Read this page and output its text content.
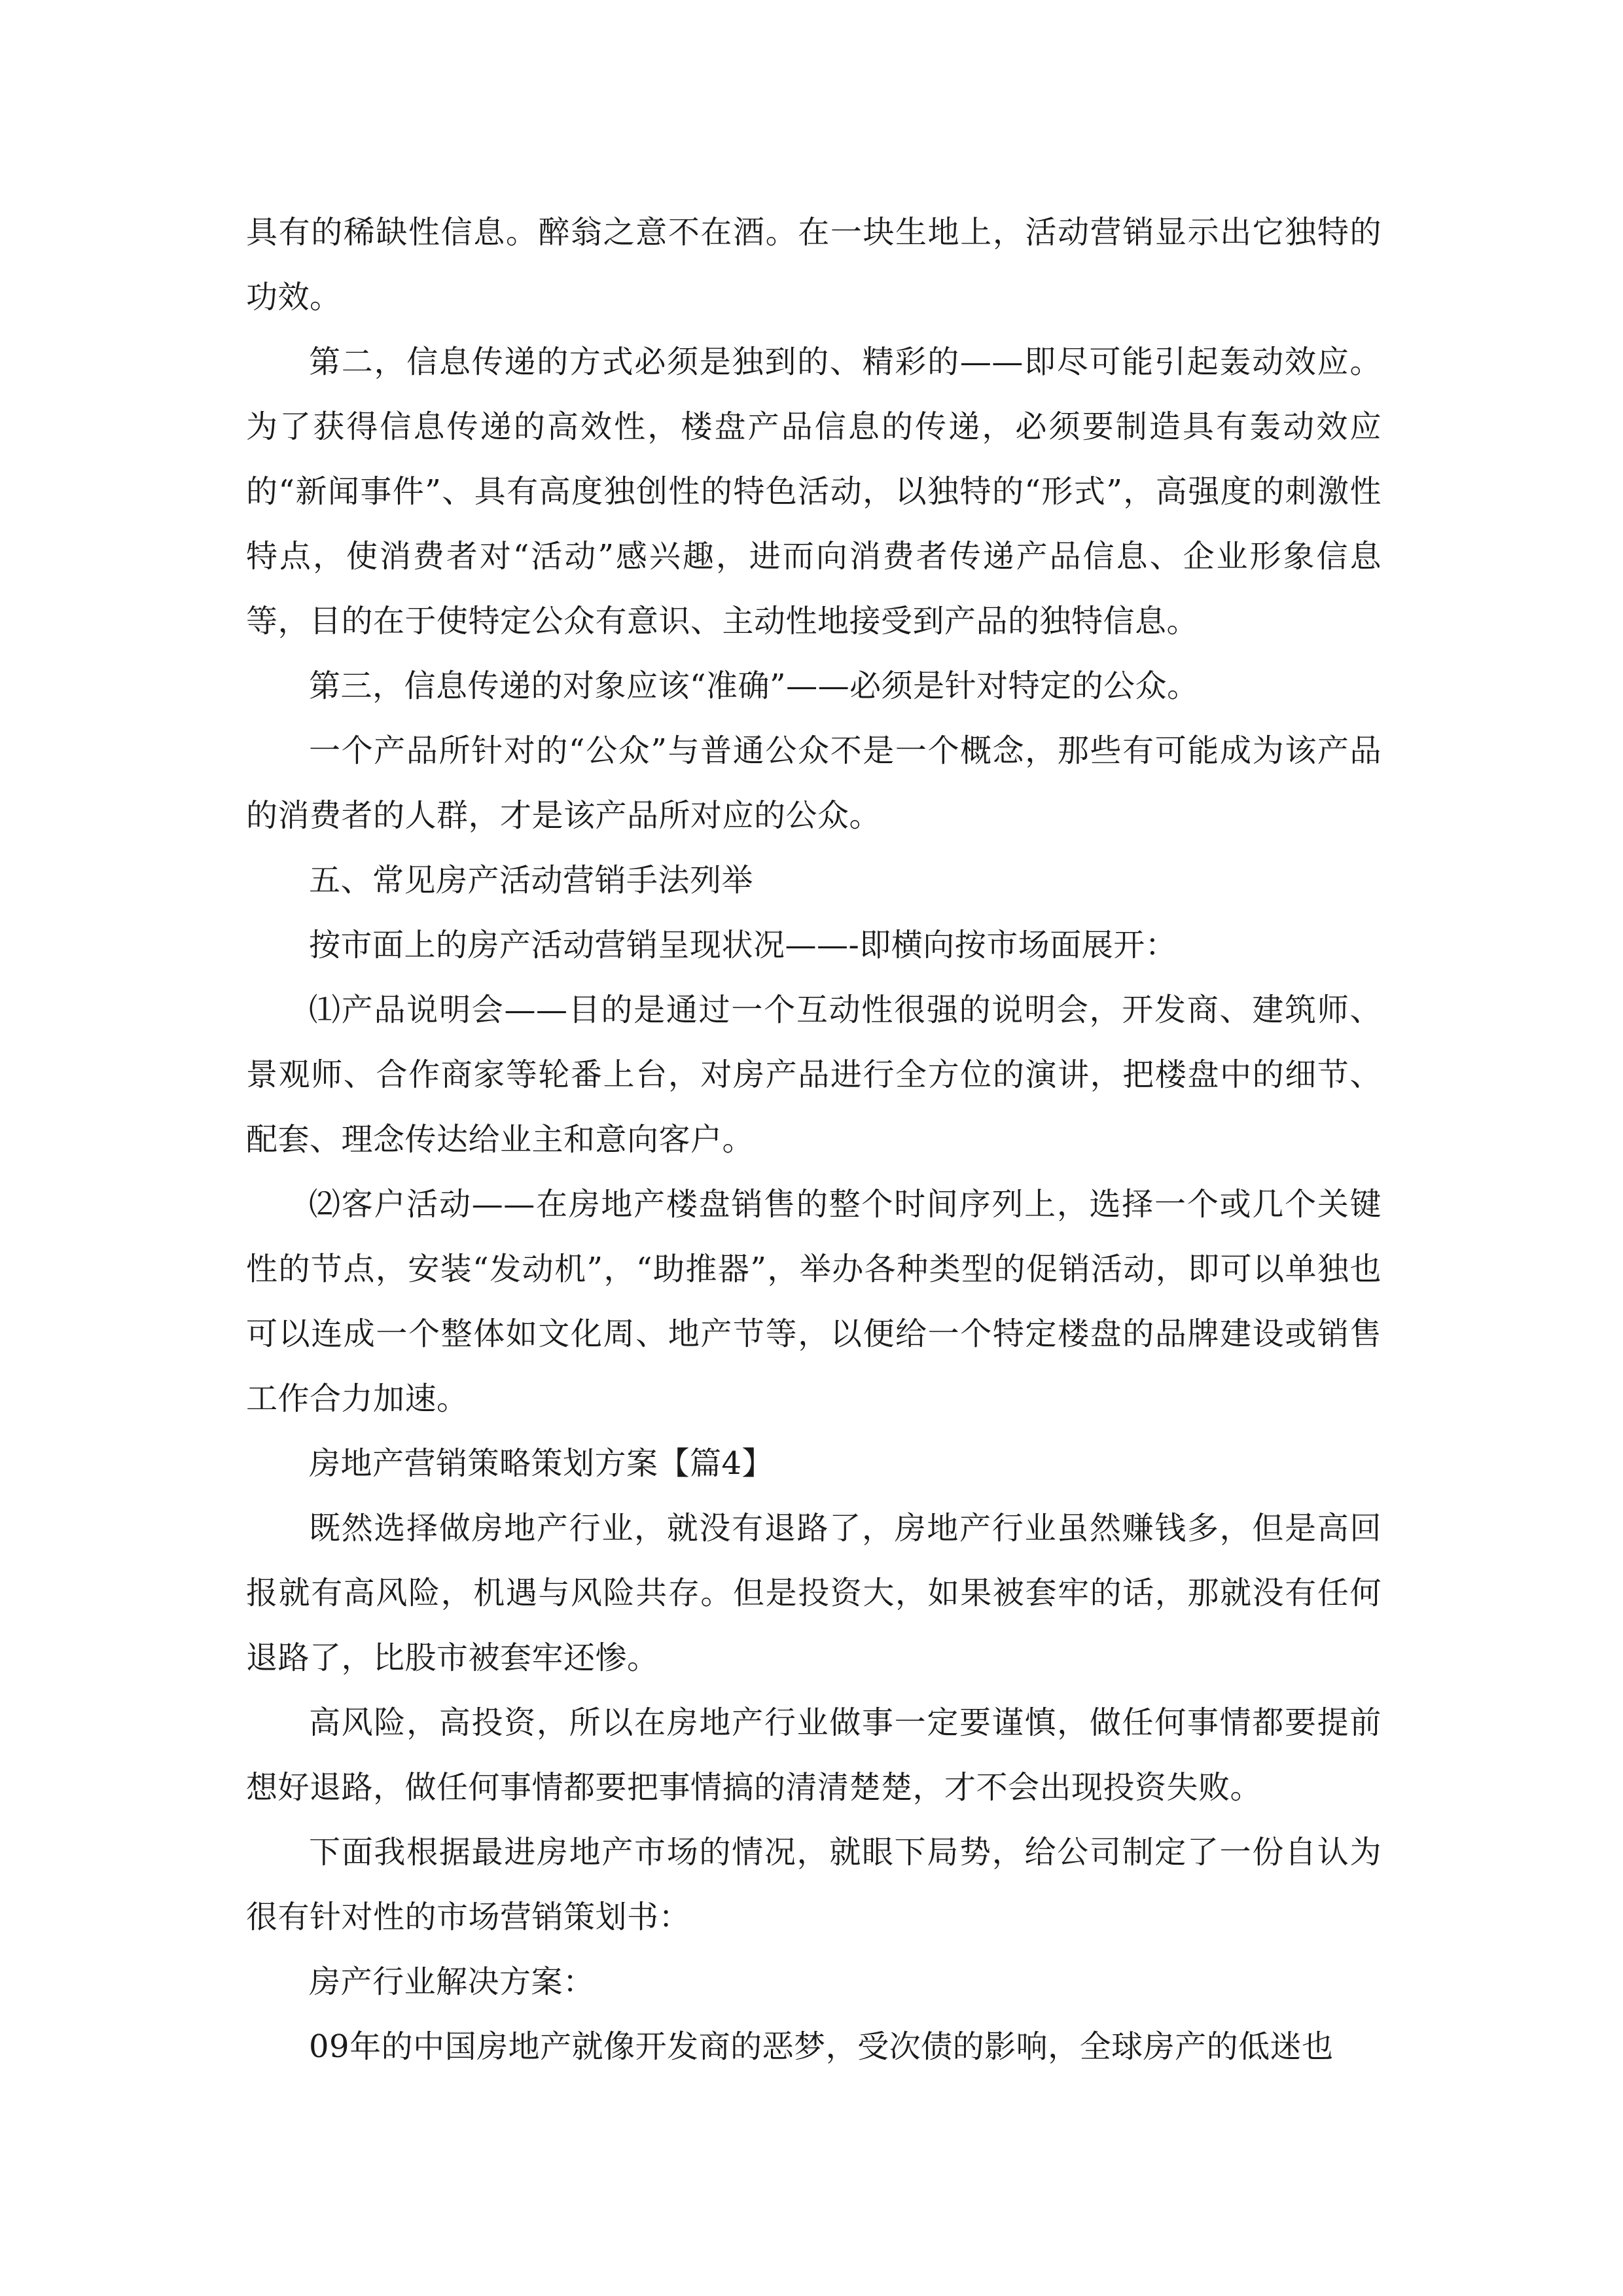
具有的稀缺性信息。醉翁之意不在酒。在一块生地上，活动营销显示出它独特的功效。

第二，信息传递的方式必须是独到的、精彩的——即尽可能引起轰动效应。为了获得信息传递的高效性，楼盘产品信息的传递，必须要制造具有轰动效应的“新闻事件”、具有高度独创性的特色活动，以独特的“形式”，高强度的刺激性特点，使消费者对“活动”感兴趣，进而向消费者传递产品信息、企业形象信息等，目的在于使特定公众有意识、主动性地接受到产品的独特信息。

第三，信息传递的对象应该“准确”——必须是针对特定的公众。

一个产品所针对的“公众”与普通公众不是一个概念，那些有可能成为该产品的消费者的人群，才是该产品所对应的公众。

五、常见房产活动营销手法列举

按市面上的房产活动营销呈现状况——-即横向按市场面展开：

⑴产品说明会——目的是通过一个互动性很强的说明会，开发商、建筑师、景观师、合作商家等轮番上台，对房产品进行全方位的演讲，把楼盘中的细节、配套、理念传达给业主和意向客户。

⑵客户活动——在房地产楼盘销售的整个时间序列上，选择一个或几个关键性的节点，安装“发动机”，“助推器”，举办各种类型的促销活动，即可以单独也可以连成一个整体如文化周、地产节等，以便给一个特定楼盘的品牌建设或销售工作合力加速。

房地产营销策略策划方案【篇4】

既然选择做房地产行业，就没有退路了，房地产行业虽然赚钱多，但是高回报就有高风险，机遇与风险共存。但是投资大，如果被套牢的话，那就没有任何退路了，比股市被套牢还惨。

高风险，高投资，所以在房地产行业做事一定要谨慎，做任何事情都要提前想好退路，做任何事情都要把事情搞的清清楚楚，才不会出现投资失败。

下面我根据最进房地产市场的情况，就眼下局势，给公司制定了一份自认为很有针对性的市场营销策划书：

房产行业解决方案：

09年的中国房地产就像开发商的恶梦，受次债的影响，全球房产的低迷也
